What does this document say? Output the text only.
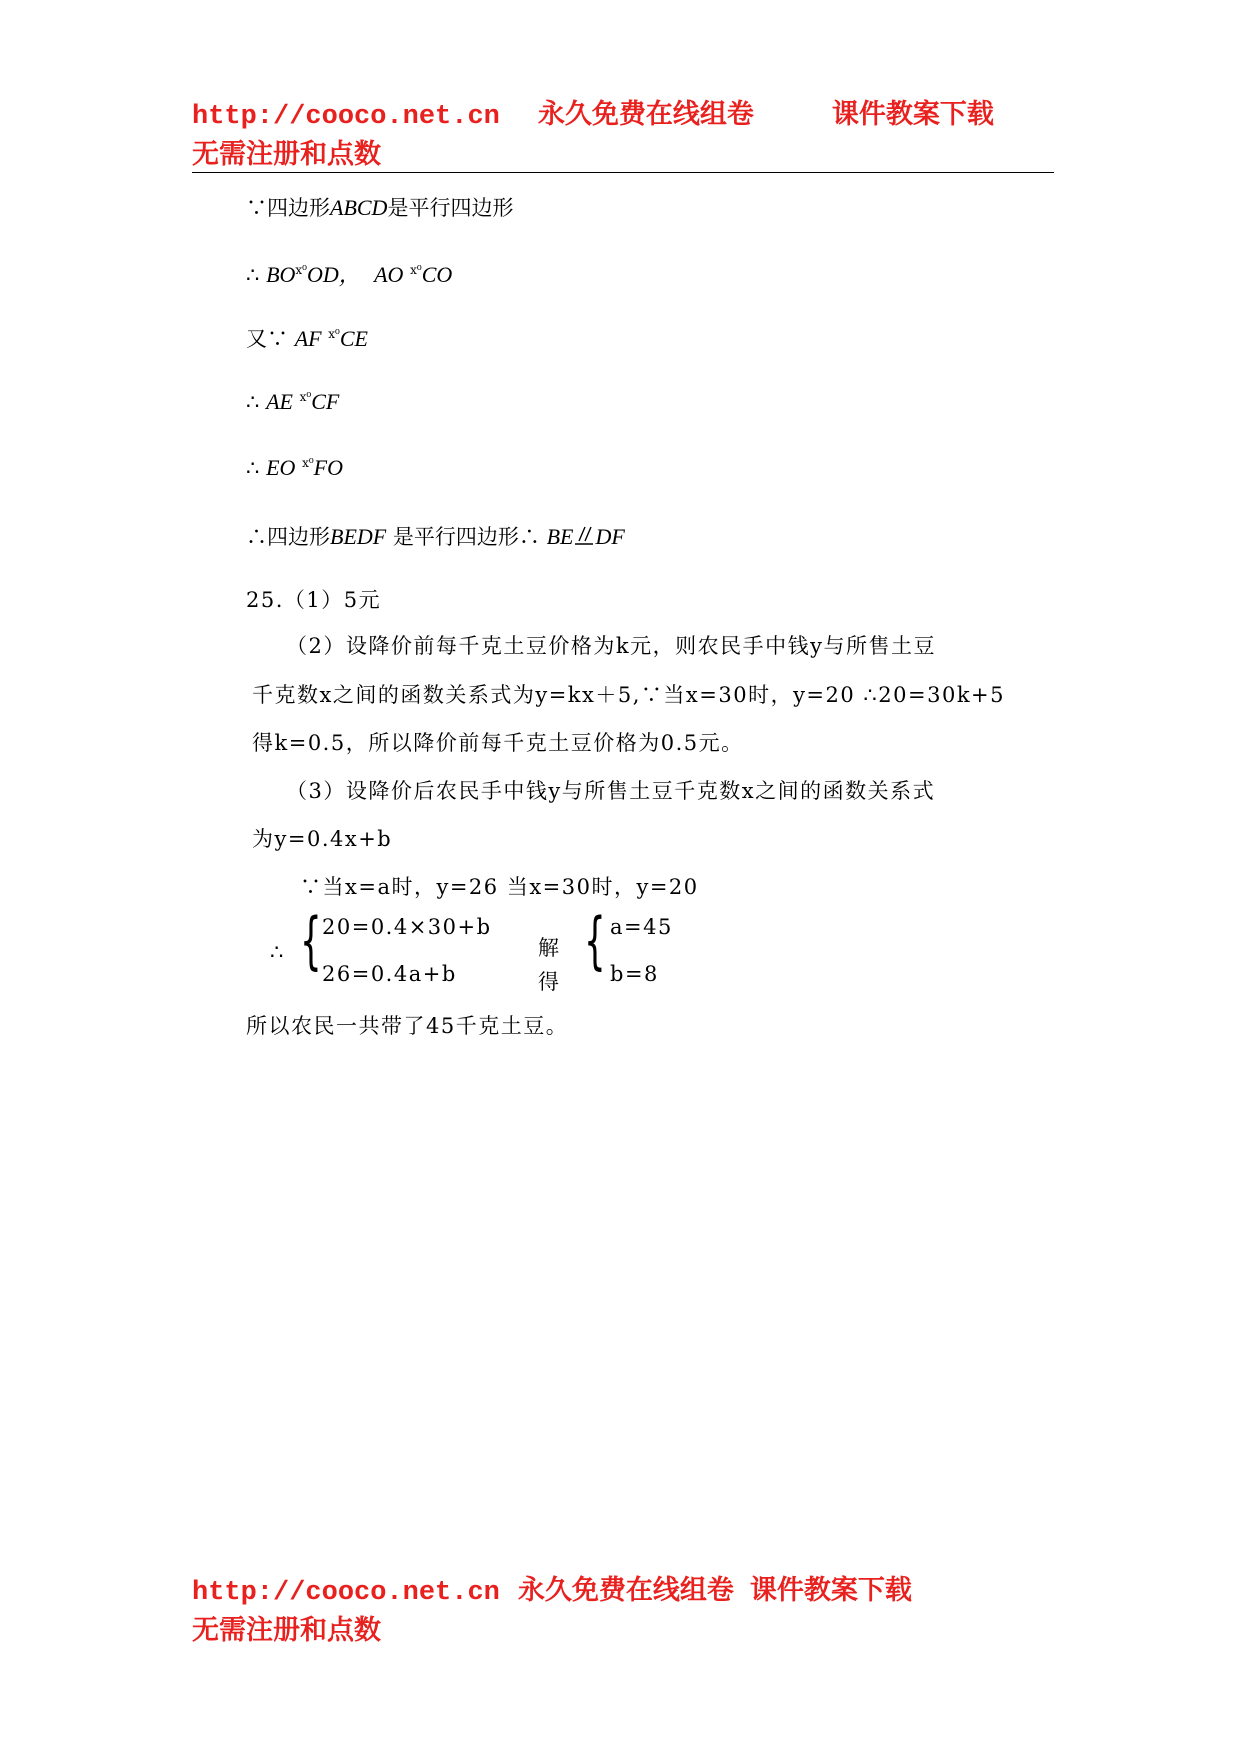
http://cooco.net.cn 永久免费在线组卷	课件教案下载
无需注册和点数
∵四边形ABCD是平行四边形
∴ $BO^{ⅹ^0}OD$， AO $^{ⅹ^0}$CO
又∵ AF $^{ⅹ^0}$CE
∴ AE $^{ⅹ^0}$CF
∴ EO $^{ⅹ^0}$FO
∴四边形BEDF 是平行四边形∴ BE DF
25.（1）5元
（2）设降价前每千克土豆价格为k元，则农民手中钱y与所售土豆
千克数x之间的函数关系式为y=kx＋5,∵当x=30时，y=20 ∴20=30k+5
得k=0.5，所以降价前每千克土豆价格为0.5元。
（3）设降价后农民手中钱y与所售土豆千克数x之间的函数关系式
为y=0.4x+b
∵当x=a时，y=26 当x=30时，y=20
∴ { 20=0.4×30+b
26=0.4a+b
解
得
{ a=45
b=8
所以农民一共带了45千克土豆。
http://cooco.net.cn 永久免费在线组卷 课件教案下载
无需注册和点数
